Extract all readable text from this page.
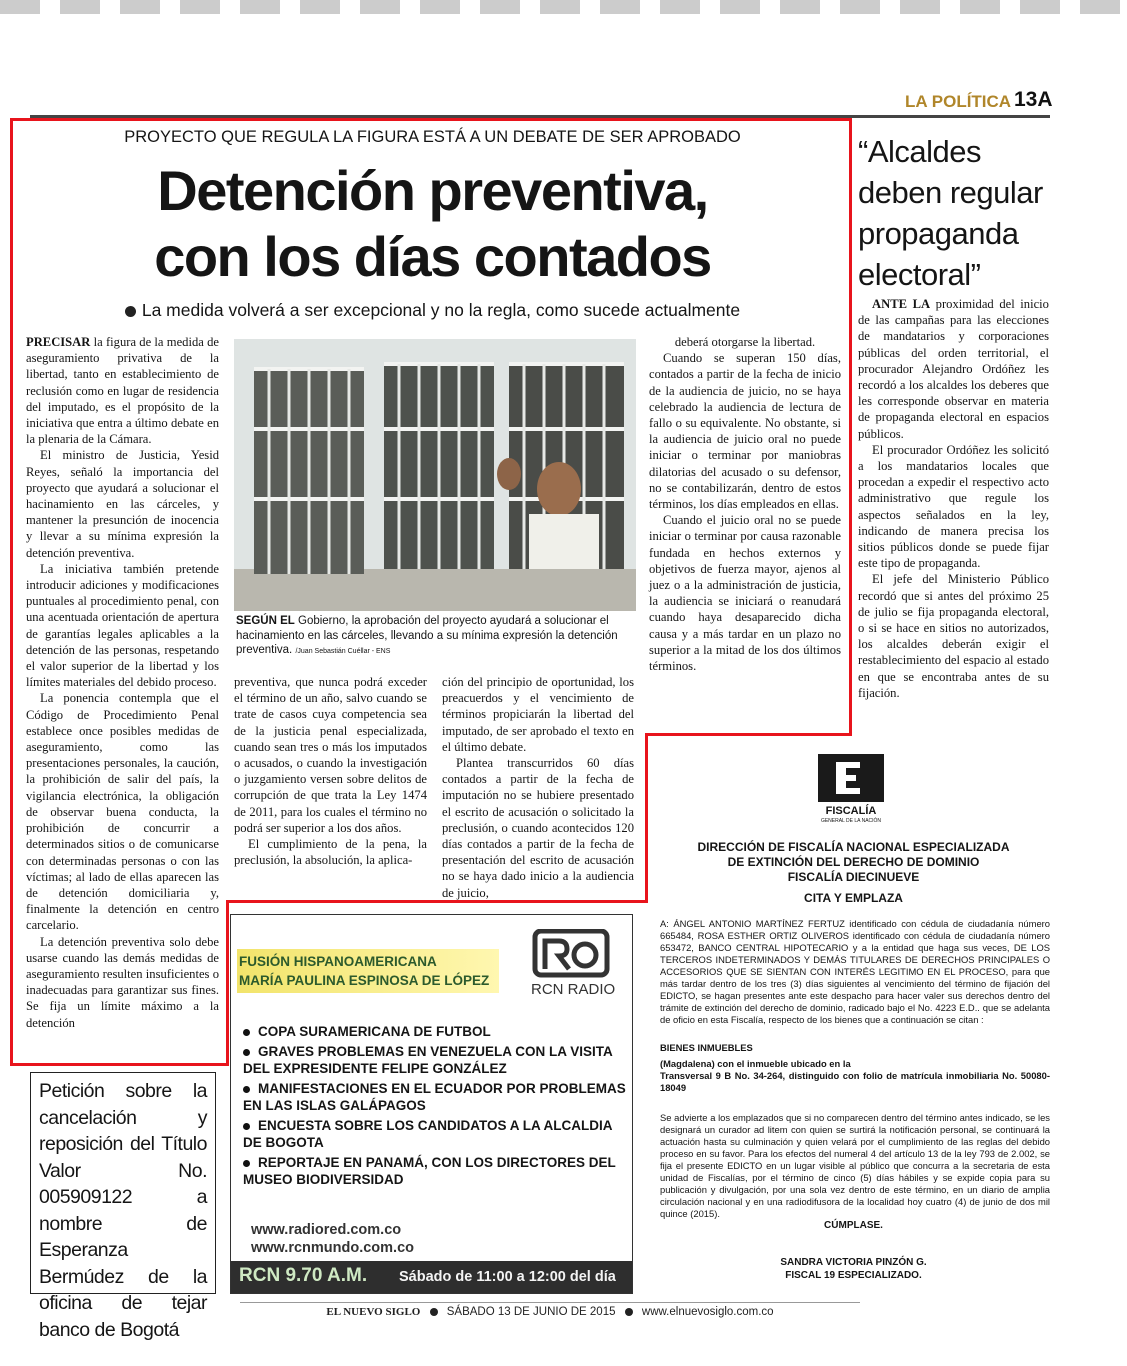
LA POLÍTICA 13A
PROYECTO QUE REGULA LA FIGURA ESTÁ A UN DEBATE DE SER APROBADO
Detención preventiva,
con los días contados
La medida volverá a ser excepcional y no la regla, como sucede actualmente

PRECISAR la figura de la medida de aseguramiento privativa de la libertad, tanto en establecimiento de reclusión como en lugar de residencia del imputado, es el propósito de la iniciativa que entra a último debate en la plenaria de la Cámara.

El ministro de Justicia, Yesid Reyes, señaló la importancia del proyecto que ayudará a solucionar el hacinamiento en las cárceles, y mantener la presunción de inocencia y llevar a su mínima expresión la detención preventiva.

La iniciativa también pretende introducir adiciones y modificaciones puntuales al procedimiento penal, con una acentuada orientación de apertura de garantías legales aplicables a la detención de las personas, respetando el valor superior de la libertad y los límites materiales del debido proceso.

La ponencia contempla que el Código de Procedimiento Penal establece once posibles medidas de aseguramiento, como las presentaciones personales, la caución, la prohibición de salir del país, la vigilancia electrónica, la obligación de observar buena conducta, la prohibición de concurrir a determinados sitios o de comunicarse con determinadas personas o con las víctimas; al lado de ellas aparecen las de detención domiciliaria y, finalmente la detención en centro carcelario.

La detención preventiva solo debe usarse cuando las demás medidas de aseguramiento resulten insuficientes o inadecuadas para garantizar sus fines. Se fija un límite máximo a la detención

SEGÚN EL Gobierno, la aprobación del proyecto ayudará a solucionar el hacinamiento en las cárceles, llevando a su mínima expresión la detención preventiva. /Juan Sebastián Cuéllar - ENS

preventiva, que nunca podrá exceder el término de un año, salvo cuando se trate de casos cuya competencia sea de la justicia penal especializada, cuando sean tres o más los imputados o acusados, o cuando la investigación o juzgamiento versen sobre delitos de corrupción de que trata la Ley 1474 de 2011, para los cuales el término no podrá ser superior a los dos años.

El cumplimiento de la pena, la preclusión, la absolución, la aplica-

ción del principio de oportunidad, los preacuerdos y el vencimiento de términos propiciarán la libertad del imputado, de ser aprobado el texto en el último debate.

Plantea transcurridos 60 días contados a partir de la fecha de imputación no se hubiere presentado el escrito de acusación o solicitado la preclusión, o cuando acontecidos 120 días contados a partir de la fecha de presentación del escrito de acusación no se haya dado inicio a la audiencia de juicio,

deberá otorgarse la libertad.

Cuando se superan 150 días, contados a partir de la fecha de inicio de la audiencia de juicio, no se haya celebrado la audiencia de lectura de fallo o su equivalente. No obstante, si la audiencia de juicio oral no puede iniciar o terminar por maniobras dilatorias del acusado o su defensor, no se contabilizarán, dentro de estos términos, los días empleados en ellas.

Cuando el juicio oral no se puede iniciar o terminar por causa razonable fundada en hechos externos y objetivos de fuerza mayor, ajenos al juez o a la administración de justicia, la audiencia se iniciará o reanudará cuando haya desaparecido dicha causa y a más tardar en un plazo no superior a la mitad de los dos últimos términos.

“Alcaldes deben regular propaganda electoral”

ANTE LA proximidad del inicio de las campañas para las elecciones de mandatarios y corporaciones públicas del orden territorial, el procurador Alejandro Ordóñez les recordó a los alcaldes los deberes que les corresponde observar en materia de propaganda electoral en espacios públicos.

El procurador Ordóñez les solicitó a los mandatarios locales que procedan a expedir el respectivo acto administrativo que regule los aspectos señalados en la ley, indicando de manera precisa los sitios públicos donde se puede fijar este tipo de propaganda.

El jefe del Ministerio Público recordó que si antes del próximo 25 de julio se fija propaganda electoral, o si se hace en sitios no autorizados, los alcaldes deberán exigir el restablecimiento del espacio al estado en que se encontraba antes de su fijación.

Petición sobre la cancelación y reposición del Título Valor No. 005909122 a nombre de Esperanza Bermúdez de la oficina de tejar banco de Bogotá
FUSIÓN HISPANOAMERICANA
MARÍA PAULINA ESPINOSA DE LÓPEZ
RCN RADIO
COPA SURAMERICANA DE FUTBOL
GRAVES PROBLEMAS EN VENEZUELA CON LA VISITA DEL EXPRESIDENTE FELIPE GONZÁLEZ
MANIFESTACIONES EN EL ECUADOR POR PROBLEMAS EN LAS ISLAS GALÁPAGOS
ENCUESTA SOBRE LOS CANDIDATOS A LA ALCALDIA DE BOGOTA
REPORTAJE EN PANAMÁ, CON LOS DIRECTORES DEL MUSEO BIODIVERSIDAD
www.radiored.com.co
www.rcnmundo.com.co
RCN 9.70 A.M. Sábado de 11:00 a 12:00 del día
FISCALÍA
GENERAL DE LA NACIÓN
DIRECCIÓN DE FISCALÍA NACIONAL ESPECIALIZADA
DE EXTINCIÓN DEL DERECHO DE DOMINIO
FISCALÍA DIECINUEVE
CITA Y EMPLAZA
A: ÁNGEL ANTONIO MARTÍNEZ FERTUZ identificado con cédula de ciudadanía número 665484, ROSA ESTHER ORTIZ OLIVEROS identificado con cédula de ciudadanía número 653472, BANCO CENTRAL HIPOTECARIO y a la entidad que haga sus veces, DE LOS TERCEROS INDETERMINADOS Y DEMÁS TITULARES DE DERECHOS PRINCIPALES O ACCESORIOS QUE SE SIENTAN CON INTERÉS LEGITIMO EN EL PROCESO, para que más tardar dentro de los tres (3) días siguientes al vencimiento del término de fijación del EDICTO, se hagan presentes ante este despacho para hacer valer sus derechos dentro del trámite de extinción del derecho de dominio, radicado bajo el No. 4223 E.D.. que se adelanta de oficio en esta Fiscalía, respecto de los bienes que a continuación se citan :
BIENES INMUEBLES
(Magdalena) con el inmueble ubicado en la
Transversal 9 B No. 34-264, distinguido con folio de matrícula inmobiliaria No. 50080-18049
Se advierte a los emplazados que si no comparecen dentro del término antes indicado, se les designará un curador ad litem con quien se surtirá la notificación personal, se continuará la actuación hasta su culminación y quien velará por el cumplimiento de las reglas del debido proceso en su favor. Para los efectos del numeral 4 del artículo 13 de la ley 793 de 2.002, se fija el presente EDICTO en un lugar visible al público que concurra a la secretaria de esta unidad de Fiscalías, por el término de cinco (5) días hábiles y se expide copia para su publicación y divulgación, por una sola vez dentro de este término, en un diario de amplia circulación nacional y en una radiodifusora de la localidad hoy cuatro (4) de junio de dos mil quince (2015).
CÚMPLASE.
SANDRA VICTORIA PINZÓN G.
FISCAL 19 ESPECIALIZADO.
EL NUEVO SIGLO SÁBADO 13 DE JUNIO DE 2015 www.elnuevosiglo.com.co
